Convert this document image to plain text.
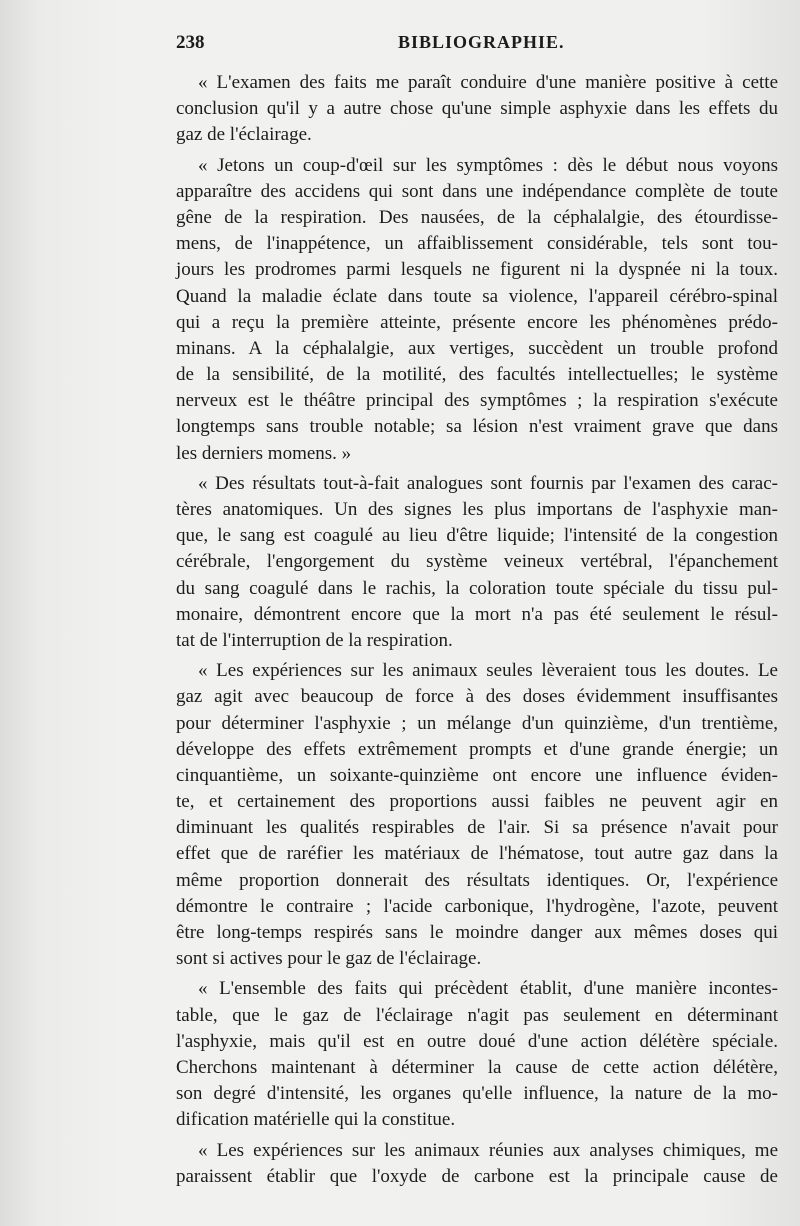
238	BIBLIOGRAPHIE.
« L'examen des faits me paraît conduire d'une manière positive à cette
conclusion qu'il y a autre chose qu'une simple asphyxie dans les effets du
gaz de l'éclairage.
« Jetons un coup-d'œil sur les symptômes : dès le début nous voyons
apparaître des accidens qui sont dans une indépendance complète de toute
gêne de la respiration. Des nausées, de la céphalalgie, des étourdisse-
mens, de l'inappétence, un affaiblissement considérable, tels sont tou-
jours les prodromes parmi lesquels ne figurent ni la dyspnée ni la toux.
Quand la maladie éclate dans toute sa violence, l'appareil cérébro-spinal
qui a reçu la première atteinte, présente encore les phénomènes prédo-
minans. A la céphalalgie, aux vertiges, succèdent un trouble profond
de la sensibilité, de la motilité, des facultés intellectuelles; le système
nerveux est le théâtre principal des symptômes ; la respiration s'exécute
longtemps sans trouble notable; sa lésion n'est vraiment grave que dans
les derniers momens. »
« Des résultats tout-à-fait analogues sont fournis par l'examen des carac-
tères anatomiques. Un des signes les plus importans de l'asphyxie man-
que, le sang est coagulé au lieu d'être liquide; l'intensité de la congestion
cérébrale, l'engorgement du système veineux vertébral, l'épanchement
du sang coagulé dans le rachis, la coloration toute spéciale du tissu pul-
monaire, démontrent encore que la mort n'a pas été seulement le résul-
tat de l'interruption de la respiration.
« Les expériences sur les animaux seules lèveraient tous les doutes. Le
gaz agit avec beaucoup de force à des doses évidemment insuffisantes
pour déterminer l'asphyxie ; un mélange d'un quinzième, d'un trentième,
développe des effets extrêmement prompts et d'une grande énergie; un
cinquantième, un soixante-quinzième ont encore une influence éviden-
te, et certainement des proportions aussi faibles ne peuvent agir en
diminuant les qualités respirables de l'air. Si sa présence n'avait pour
effet que de raréfier les matériaux de l'hématose, tout autre gaz dans la
même proportion donnerait des résultats identiques. Or, l'expérience
démontre le contraire ; l'acide carbonique, l'hydrogène, l'azote, peuvent
être long-temps respirés sans le moindre danger aux mêmes doses qui
sont si actives pour le gaz de l'éclairage.
« L'ensemble des faits qui précèdent établit, d'une manière incontes-
table, que le gaz de l'éclairage n'agit pas seulement en déterminant
l'asphyxie, mais qu'il est en outre doué d'une action délétère spéciale.
Cherchons maintenant à déterminer la cause de cette action délétère,
son degré d'intensité, les organes qu'elle influence, la nature de la mo-
dification matérielle qui la constitue.
« Les expériences sur les animaux réunies aux analyses chimiques, me
paraissent établir que l'oxyde de carbone est la principale cause de
